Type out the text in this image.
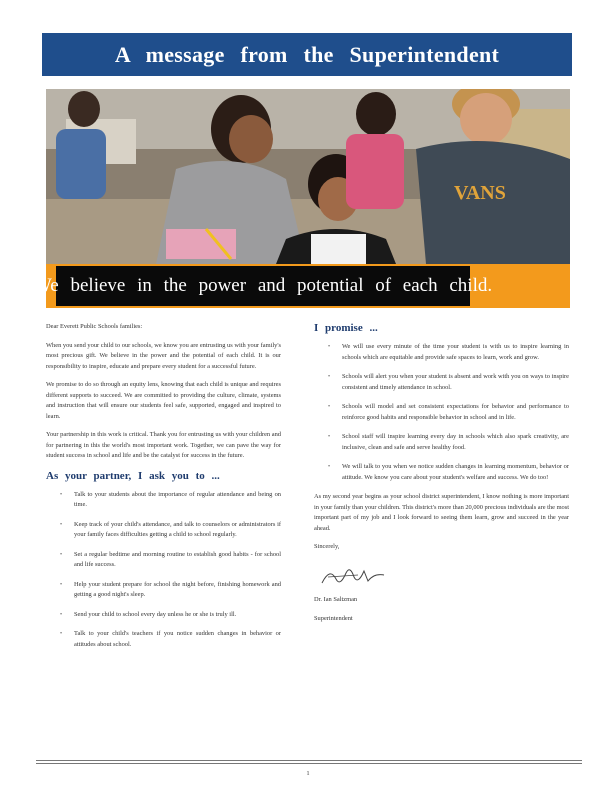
A message from the Superintendent
VANS
We believe in the power and potential of each child.

Dear Everett Public Schools families:

When you send your child to our schools, we know you are entrusting us with your family's most precious gift. We believe in the power and the potential of each child. It is our responsibility to inspire, educate and prepare every student for a successful future.

We promise to do so through an equity lens, knowing that each child is unique and requires different supports to succeed. We are committed to providing the culture, climate, systems and instruction that will ensure our students feel safe, supported, engaged and inspired to learn.

Your partnership in this work is critical. Thank you for entrusting us with your children and for partnering in this the world's most important work. Together, we can pave the way for student success in school and life and be the catalyst for success in the future.

As your partner, I ask you to ...
• Talk to your students about the importance of regular attendance and being on time.
• Keep track of your child's attendance, and talk to counselors or administrators if your family faces difficulties getting a child to school regularly.
• Set a regular bedtime and morning routine to establish good habits - for school and life success.
• Help your student prepare for school the night before, finishing homework and getting a good night's sleep.
• Send your child to school every day unless he or she is truly ill.
• Talk to your child's teachers if you notice sudden changes in behavior or attitudes about school.
I promise ...
• We will use every minute of the time your student is with us to inspire learning in schools which are equitable and provide safe spaces to learn, work and grow.
• Schools will alert you when your student is absent and work with you on ways to inspire consistent and timely attendance in school.
• Schools will model and set consistent expectations for behavior and performance to reinforce good habits and responsible behavior in school and in life.
• School staff will inspire learning every day in schools which also spark creativity, are inclusive, clean and safe and serve healthy food.
• We will talk to you when we notice sudden changes in learning momentum, behavior or attitude. We know you care about your student's welfare and success. We do too!

As my second year begins as your school district superintendent, I know nothing is more important in your family than your children. This district's more than 20,000 precious individuals are the most important part of my job and I look forward to seeing them learn, grow and succeed in the year ahead.

Sincerely,

Dr. Ian Saltzman

Superintendent

1
